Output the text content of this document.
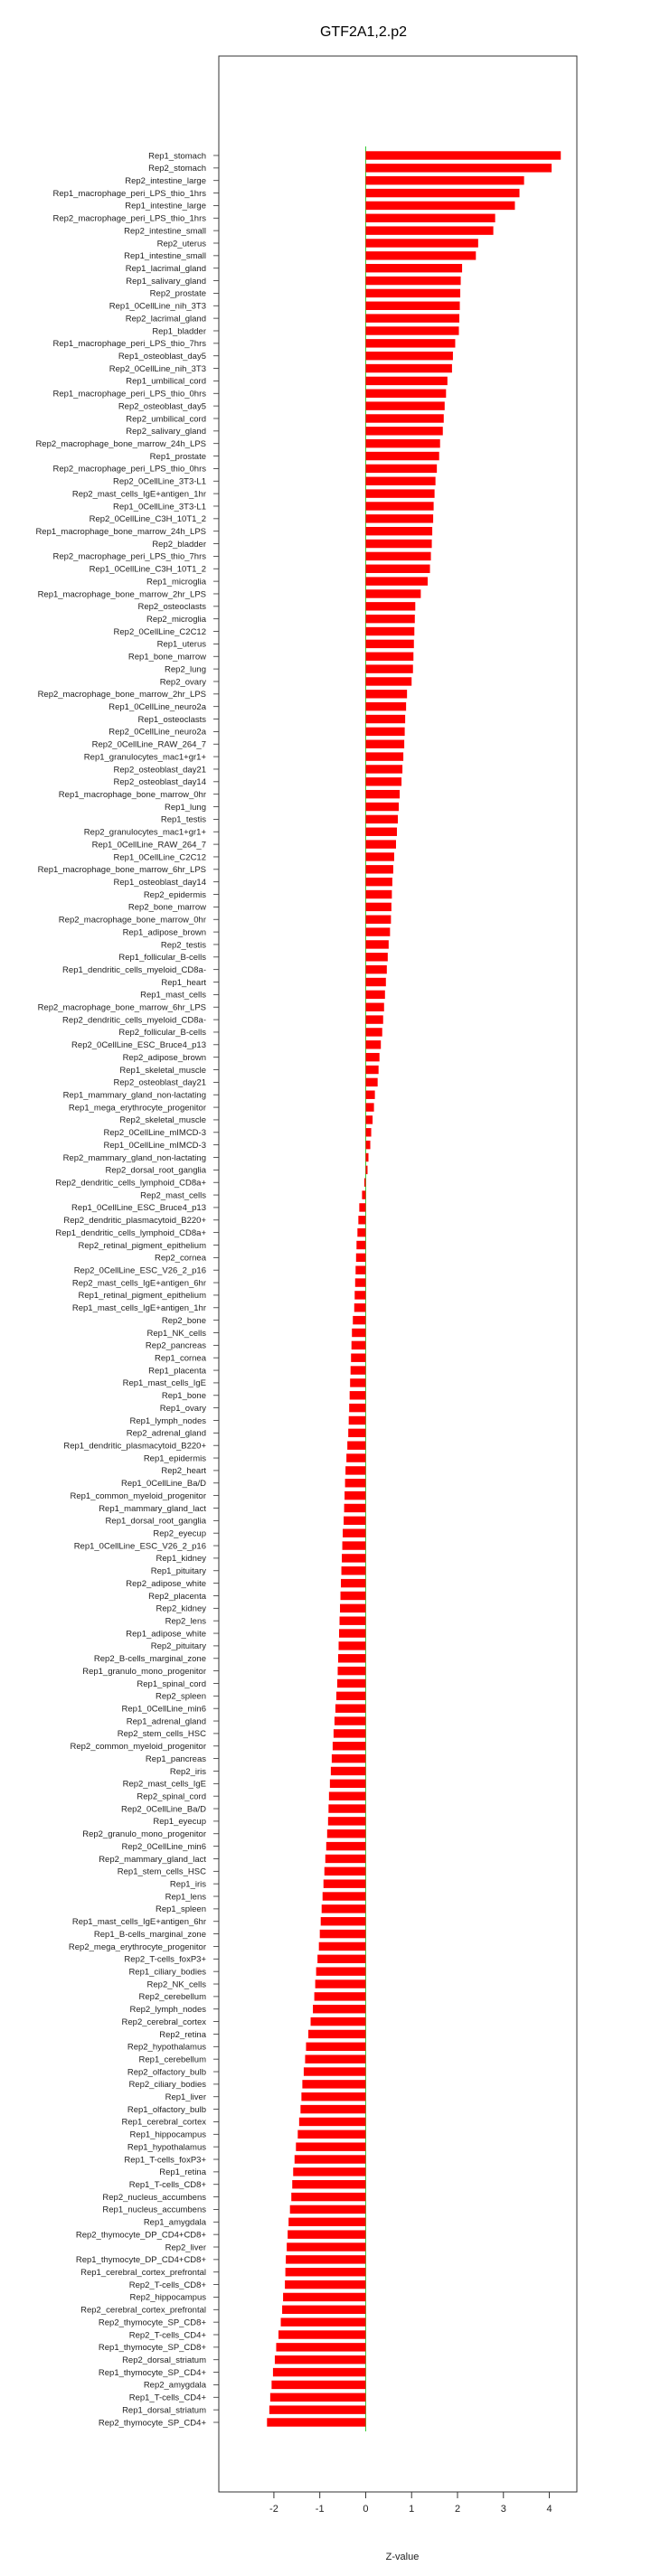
GTF2A1,2.p2
Rep1_stomach
Rep2_stomach
Rep2_intestine_large
Rep1_macrophage_peri_LPS_thio_1hrs
Rep1_intestine_large
Rep2_macrophage_peri_LPS_thio_1hrs
Rep2_intestine_small
Rep2_uterus
Rep1_intestine_small
Rep1_lacrimal_gland
Rep1_salivary_gland
Rep2_prostate
Rep1_0CellLine_nih_3T3
Rep2_lacrimal_gland
Rep1_bladder
Rep1_macrophage_peri_LPS_thio_7hrs
Rep1_osteoblast_day5
Rep2_0CellLine_nih_3T3
Rep1_umbilical_cord
Rep1_macrophage_peri_LPS_thio_0hrs
Rep2_osteoblast_day5
Rep2_umbilical_cord
Rep2_salivary_gland
Rep2_macrophage_bone_marrow_24h_LPS
Rep1_prostate
Rep2_macrophage_peri_LPS_thio_0hrs
Rep2_0CellLine_3T3-L1
Rep2_mast_cells_IgE+antigen_1hr
Rep1_0CellLine_3T3-L1
Rep2_0CellLine_C3H_10T1_2
Rep1_macrophage_bone_marrow_24h_LPS
Rep2_bladder
Rep2_macrophage_peri_LPS_thio_7hrs
Rep1_0CellLine_C3H_10T1_2
Rep1_microglia
Rep1_macrophage_bone_marrow_2hr_LPS
Rep2_osteoclasts
Rep2_microglia
Rep2_0CellLine_C2C12
Rep1_uterus
Rep1_bone_marrow
Rep2_lung
Rep2_ovary
Rep2_macrophage_bone_marrow_2hr_LPS
Rep1_0CellLine_neuro2a
Rep1_osteoclasts
Rep2_0CellLine_neuro2a
Rep2_0CellLine_RAW_264_7
Rep1_granulocytes_mac1+gr1+
Rep2_osteoblast_day21
Rep2_osteoblast_day14
Rep1_macrophage_bone_marrow_0hr
Rep1_lung
Rep1_testis
Rep2_granulocytes_mac1+gr1+
Rep1_0CellLine_RAW_264_7
Rep1_0CellLine_C2C12
Rep1_macrophage_bone_marrow_6hr_LPS
Rep1_osteoblast_day14
Rep2_epidermis
Rep2_bone_marrow
Rep2_macrophage_bone_marrow_0hr
Rep1_adipose_brown
Rep2_testis
Rep1_follicular_B-cells
Rep1_dendritic_cells_myeloid_CD8a-
Rep1_heart
Rep1_mast_cells
Rep2_macrophage_bone_marrow_6hr_LPS
Rep2_dendritic_cells_myeloid_CD8a-
Rep2_follicular_B-cells
Rep2_0CellLine_ESC_Bruce4_p13
Rep2_adipose_brown
Rep1_skeletal_muscle
Rep2_osteoblast_day21
Rep1_mammary_gland_non-lactating
Rep1_mega_erythrocyte_progenitor
Rep2_skeletal_muscle
Rep2_0CellLine_mIMCD-3
Rep1_0CellLine_mIMCD-3
Rep2_mammary_gland_non-lactating
Rep2_dorsal_root_ganglia
Rep2_dendritic_cells_lymphoid_CD8a+
Rep2_mast_cells
Rep1_0CellLine_ESC_Bruce4_p13
Rep2_dendritic_plasmacytoid_B220+
Rep1_dendritic_cells_lymphoid_CD8a+
Rep2_retinal_pigment_epithelium
Rep2_cornea
Rep2_0CellLine_ESC_V26_2_p16
Rep2_mast_cells_IgE+antigen_6hr
Rep1_retinal_pigment_epithelium
Rep1_mast_cells_IgE+antigen_1hr
Rep2_bone
Rep1_NK_cells
Rep2_pancreas
Rep1_cornea
Rep1_placenta
Rep1_mast_cells_IgE
Rep1_bone
Rep1_ovary
Rep1_lymph_nodes
Rep2_adrenal_gland
Rep1_dendritic_plasmacytoid_B220+
Rep1_epidermis
Rep2_heart
Rep1_0CellLine_Ba/D
Rep1_common_myeloid_progenitor
Rep1_mammary_gland_lact
Rep1_dorsal_root_ganglia
Rep2_eyecup
Rep1_0CellLine_ESC_V26_2_p16
Rep1_kidney
Rep1_pituitary
Rep2_adipose_white
Rep2_placenta
Rep2_kidney
Rep2_lens
Rep1_adipose_white
Rep2_pituitary
Rep2_B-cells_marginal_zone
Rep1_granulo_mono_progenitor
Rep1_spinal_cord
Rep2_spleen
Rep1_0CellLine_min6
Rep1_adrenal_gland
Rep2_stem_cells_HSC
Rep2_common_myeloid_progenitor
Rep1_pancreas
Rep2_iris
Rep2_mast_cells_IgE
Rep2_spinal_cord
Rep2_0CellLine_Ba/D
Rep1_eyecup
Rep2_granulo_mono_progenitor
Rep2_0CellLine_min6
Rep2_mammary_gland_lact
Rep1_stem_cells_HSC
Rep1_iris
Rep1_lens
Rep1_spleen
Rep1_mast_cells_IgE+antigen_6hr
Rep1_B-cells_marginal_zone
Rep2_mega_erythrocyte_progenitor
Rep2_T-cells_foxP3+
Rep1_ciliary_bodies
Rep2_NK_cells
Rep2_cerebellum
Rep2_lymph_nodes
Rep2_cerebral_cortex
Rep2_retina
Rep2_hypothalamus
Rep1_cerebellum
Rep2_olfactory_bulb
Rep2_ciliary_bodies
Rep1_liver
Rep1_olfactory_bulb
Rep1_cerebral_cortex
Rep1_hippocampus
Rep1_hypothalamus
Rep1_T-cells_foxP3+
Rep1_retina
Rep1_T-cells_CD8+
Rep2_nucleus_accumbens
Rep1_nucleus_accumbens
Rep1_amygdala
Rep2_thymocyte_DP_CD4+CD8+
Rep2_liver
Rep1_thymocyte_DP_CD4+CD8+
Rep1_cerebral_cortex_prefrontal
Rep2_T-cells_CD8+
Rep2_hippocampus
Rep2_cerebral_cortex_prefrontal
Rep2_thymocyte_SP_CD8+
Rep2_T-cells_CD4+
Rep1_thymocyte_SP_CD8+
Rep2_dorsal_striatum
Rep1_thymocyte_SP_CD4+
Rep2_amygdala
Rep1_T-cells_CD4+
Rep1_dorsal_striatum
Rep2_thymocyte_SP_CD4+
-2	-1	0	1	2	3	4
Z-value
